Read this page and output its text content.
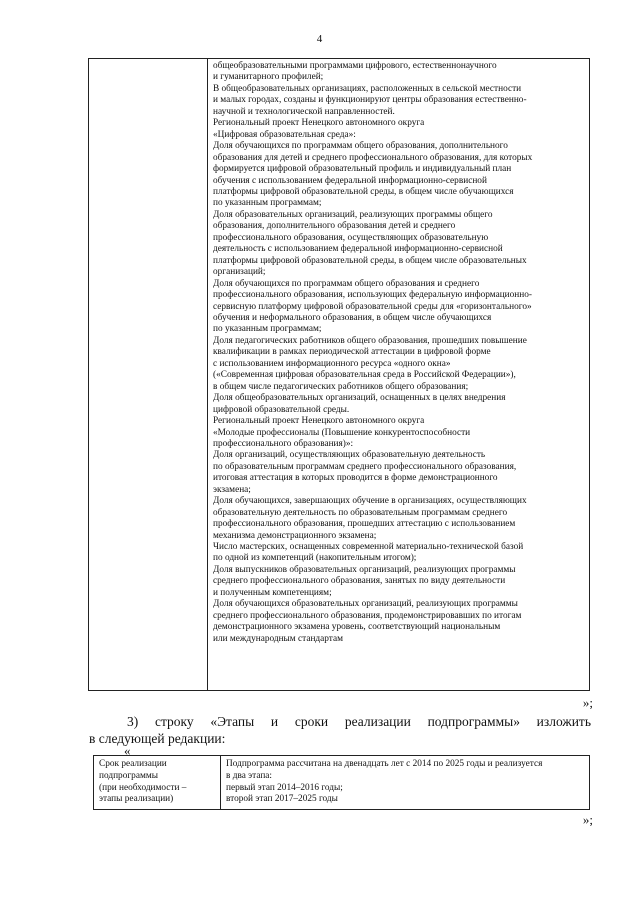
4
общеобразовательными программами цифрового, естественнонаучного
и гуманитарного профилей;
В общеобразовательных организациях, расположенных в сельской местности
и малых городах, созданы и функционируют центры образования естественно-
научной и технологической направленностей.
Региональный проект Ненецкого автономного округа
«Цифровая образовательная среда»:
Доля обучающихся по программам общего образования, дополнительного
образования для детей и среднего профессионального образования, для которых
формируется цифровой образовательный профиль и индивидуальный план
обучения с использованием федеральной информационно-сервисной
платформы цифровой образовательной среды, в общем числе обучающихся
по указанным программам;
Доля образовательных организаций, реализующих программы общего
образования, дополнительного образования детей и среднего
профессионального образования, осуществляющих образовательную
деятельность с использованием федеральной информационно-сервисной
платформы цифровой образовательной среды, в общем числе образовательных
организаций;
Доля обучающихся по программам общего образования и среднего
профессионального образования, использующих федеральную информационно-
сервисную платформу цифровой образовательной среды для «горизонтального»
обучения и неформального образования, в общем числе обучающихся
по указанным программам;
Доля педагогических работников общего образования, прошедших повышение
квалификации в рамках периодической аттестации в цифровой форме
с использованием информационного ресурса «одного окна»
(«Современная цифровая образовательная среда в Российской Федерации»),
в общем числе педагогических работников общего образования;
Доля общеобразовательных организаций, оснащенных в целях внедрения
цифровой образовательной среды.
Региональный проект Ненецкого автономного округа
«Молодые профессионалы (Повышение конкурентоспособности
профессионального образования)»:
Доля организаций, осуществляющих образовательную деятельность
по образовательным программам среднего профессионального образования,
итоговая аттестация в которых проводится в форме демонстрационного
экзамена;
Доля обучающихся, завершающих обучение в организациях, осуществляющих
образовательную деятельность по образовательным программам среднего
профессионального образования, прошедших аттестацию с использованием
механизма демонстрационного экзамена;
Число мастерских, оснащенных современной материально-технической базой
по одной из компетенций (накопительным итогом);
Доля выпускников образовательных организаций, реализующих программы
среднего профессионального образования, занятых по виду деятельности
и полученным компетенциям;
Доля обучающихся образовательных организаций, реализующих программы
среднего профессионального образования, продемонстрировавших по итогам
демонстрационного экзамена уровень, соответствующий национальным
или международным стандартам
»;
3) строку «Этапы и сроки реализации подпрограммы» изложить
в следующей редакции:
«
Срок реализации
подпрограммы
(при необходимости –
этапы реализации)
Подпрограмма рассчитана на двенадцать лет с 2014 по 2025 годы и реализуется
в два этапа:
первый этап 2014–2016 годы;
второй этап 2017–2025 годы
»;
